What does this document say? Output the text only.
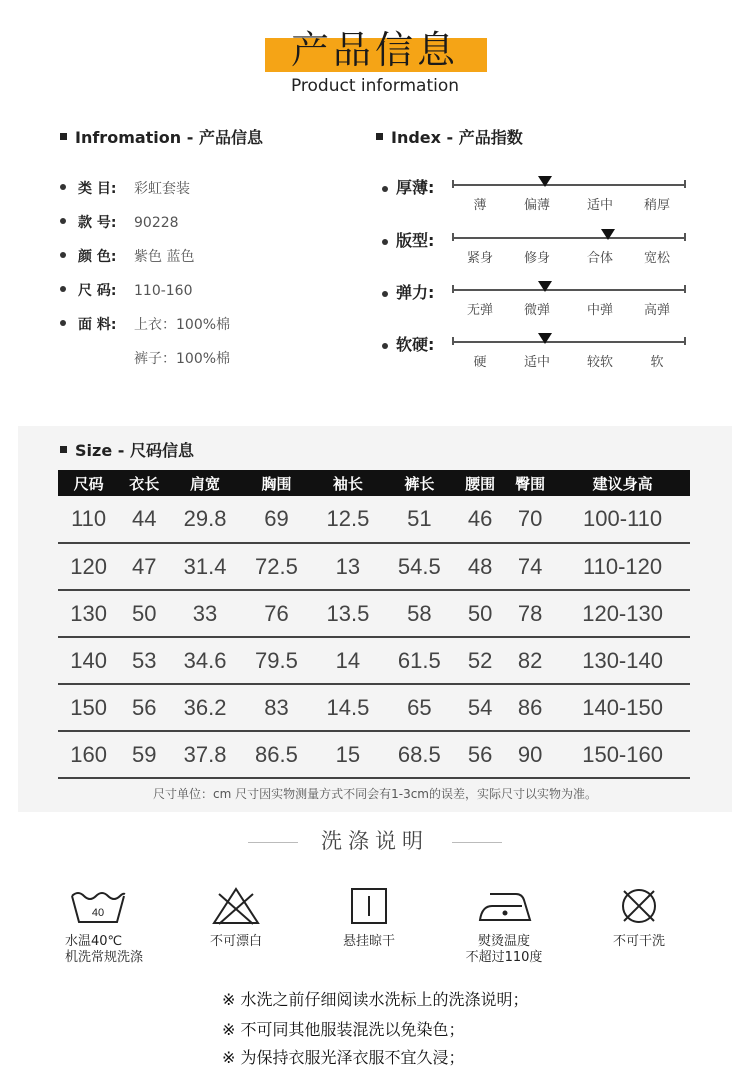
产品信息
Product information
Infromation - 产品信息
类 目: 彩虹套装
款 号: 90228
颜 色: 紫色 蓝色
尺 码: 110-160
面 料: 上衣：100%棉
裤子：100%棉
Index - 产品指数
厚薄:
薄	偏薄	适中	稍厚
版型:
紧身	修身	合体	宽松
弹力:
无弹	微弹	中弹	高弹
软硬:
硬	适中	较软	软
Size - 尺码信息
尺码	衣长	肩宽	胸围	袖长	裤长	腰围	臀围	建议身高
110	44	29.8	69	12.5	51	46	70	100-110
120	47	31.4	72.5	13	54.5	48	74	110-120
130	50	33	76	13.5	58	50	78	120-130
140	53	34.6	79.5	14	61.5	52	82	130-140
150	56	36.2	83	14.5	65	54	86	140-150
160	59	37.8	86.5	15	68.5	56	90	150-160
尺寸单位：cm 尺寸因实物测量方式不同会有1-3cm的误差，实际尺寸以实物为准。
洗涤说明
40
水温40℃
机洗常规洗涤
不可漂白	悬挂晾干	熨烫温度
不超过110度
不可干洗
※ 水洗之前仔细阅读水洗标上的洗涤说明；
※ 不可同其他服装混洗以免染色；
※ 为保持衣服光泽衣服不宜久浸；
